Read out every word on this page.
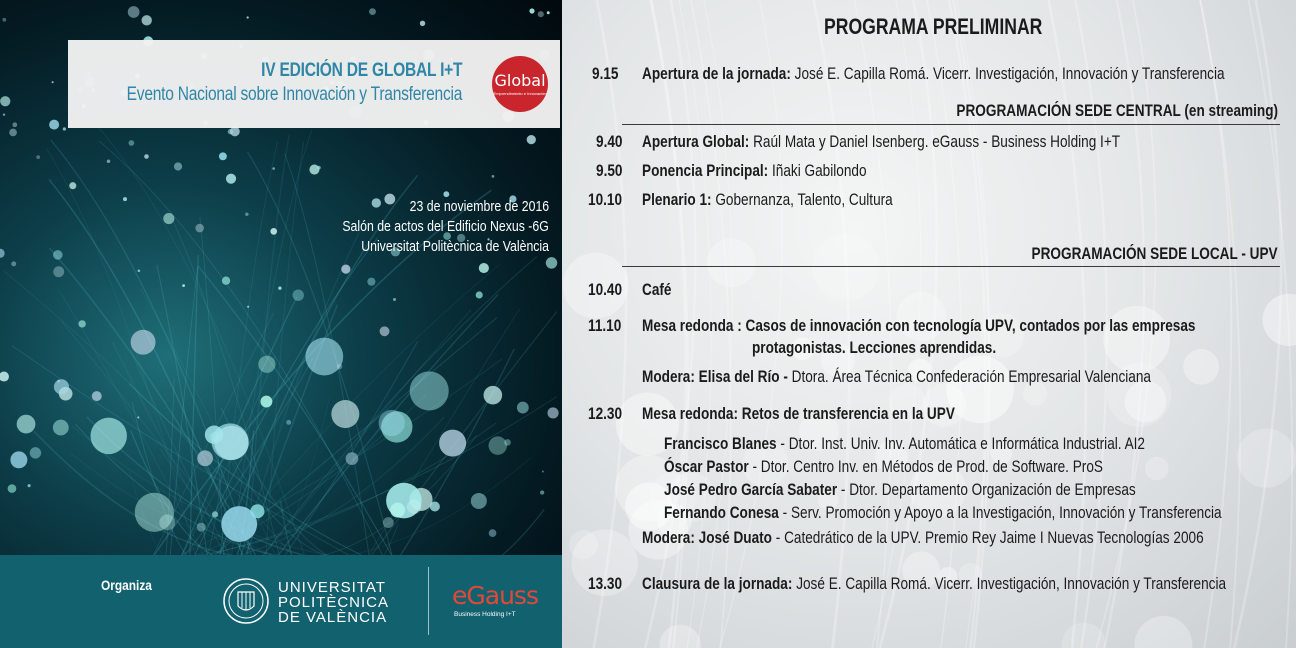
IV EDICIÓN DE GLOBAL I+T
Evento Nacional sobre Innovación y Transferencia
Global
Emprendimiento e Innovación
23 de noviembre de 2016
Salón de actos del Edificio Nexus -6G
Universitat Politècnica de València
Organiza	UNIVERSITAT
POLITÈCNICA
DE VALÈNCIA
eGauss
Business Holding I+T
PROGRAMA PRELIMINAR
9.15 Apertura de la jornada: José E. Capilla Romá. Vicerr. Investigación, Innovación y Transferencia
PROGRAMACIÓN SEDE CENTRAL (en streaming)
9.40 Apertura Global: Raúl Mata y Daniel Isenberg. eGauss - Business Holding I+T
9.50 Ponencia Principal: Iñaki Gabilondo
10.10 Plenario 1: Gobernanza, Talento, Cultura
PROGRAMACIÓN SEDE LOCAL - UPV
10.40 Café
11.10 Mesa redonda : Casos de innovación con tecnología UPV, contados por las empresas
protagonistas. Lecciones aprendidas.
Modera: Elisa del Río - Dtora. Área Técnica Confederación Empresarial Valenciana
12.30 Mesa redonda: Retos de transferencia en la UPV
Francisco Blanes - Dtor. Inst. Univ. Inv. Automática e Informática Industrial. AI2
Óscar Pastor - Dtor. Centro Inv. en Métodos de Prod. de Software. ProS
José Pedro García Sabater - Dtor. Departamento Organización de Empresas
Fernando Conesa - Serv. Promoción y Apoyo a la Investigación, Innovación y Transferencia
Modera: José Duato - Catedrático de la UPV. Premio Rey Jaime I Nuevas Tecnologías 2006
13.30 Clausura de la jornada: José E. Capilla Romá. Vicerr. Investigación, Innovación y Transferencia
